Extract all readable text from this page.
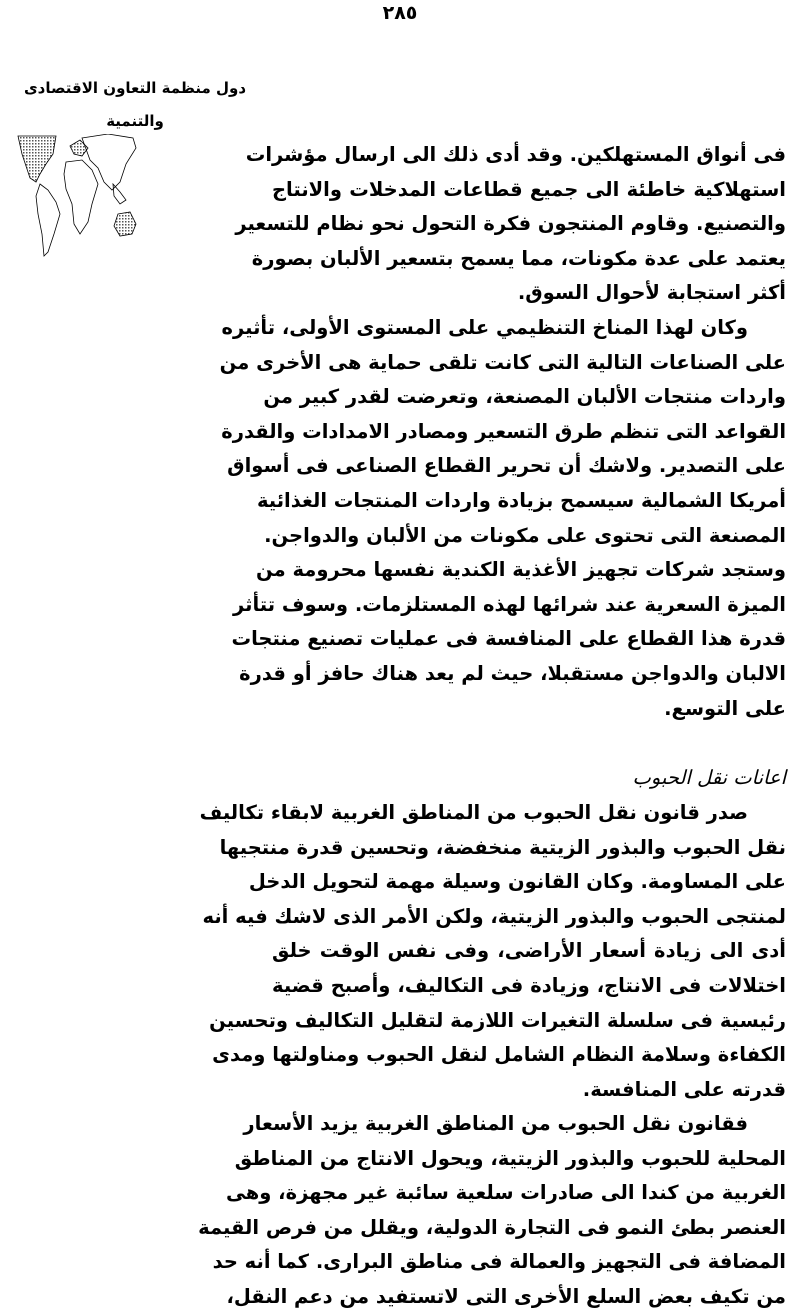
٢٨٥
دول منظمة التعاون الاقتصادى
والتنمية
فى أنواق المستهلكين. وقد أدى ذلك الى ارسال مؤشرات
استهلاكية خاطئة الى جميع قطاعات المدخلات والانتاج
والتصنيع. وقاوم المنتجون فكرة التحول نحو نظام للتسعير
يعتمد على عدة مكونات، مما يسمح بتسعير الألبان بصورة
أكثر استجابة لأحوال السوق.
وكان لهذا المناخ التنظيمي على المستوى الأولى، تأثيره
على الصناعات التالية التى كانت تلقى حماية هى الأخرى من
واردات منتجات الألبان المصنعة، وتعرضت لقدر كبير من
القواعد التى تنظم طرق التسعير ومصادر الامدادات والقدرة
على التصدير. ولاشك أن تحرير القطاع الصناعى فى أسواق
أمريكا الشمالية سيسمح بزيادة واردات المنتجات الغذائية
المصنعة التى تحتوى على مكونات من الألبان والدواجن.
وستجد شركات تجهيز الأغذية الكندية نفسها محرومة من
الميزة السعرية عند شرائها لهذه المستلزمات. وسوف تتأثر
قدرة هذا القطاع على المنافسة فى عمليات تصنيع منتجات
الالبان والدواجن مستقبلا، حيث لم يعد هناك حافز أو قدرة
على التوسع.
اعانات نقل الحبوب
صدر قانون نقل الحبوب من المناطق الغربية لابقاء تكاليف
نقل الحبوب والبذور الزيتية منخفضة، وتحسين قدرة منتجيها
على المساومة. وكان القانون وسيلة مهمة لتحويل الدخل
لمنتجى الحبوب والبذور الزيتية، ولكن الأمر الذى لاشك فيه أنه
أدى الى زيادة أسعار الأراضى، وفى نفس الوقت خلق
اختلالات فى الانتاج، وزيادة فى التكاليف، وأصبح قضية
رئيسية فى سلسلة التغيرات اللازمة لتقليل التكاليف وتحسين
الكفاءة وسلامة النظام الشامل لنقل الحبوب ومناولتها ومدى
قدرته على المنافسة.
فقانون نقل الحبوب من المناطق الغربية يزيد الأسعار
المحلية للحبوب والبذور الزيتية، ويحول الانتاج من المناطق
الغربية من كندا الى صادرات سلعية سائبة غير مجهزة، وهى
العنصر بطئ النمو فى التجارة الدولية، ويقلل من فرص القيمة
المضافة فى التجهيز والعمالة فى مناطق البرارى. كما أنه حد
من تكيف بعض السلع الأخرى التى لاتستفيد من دعم النقل،
